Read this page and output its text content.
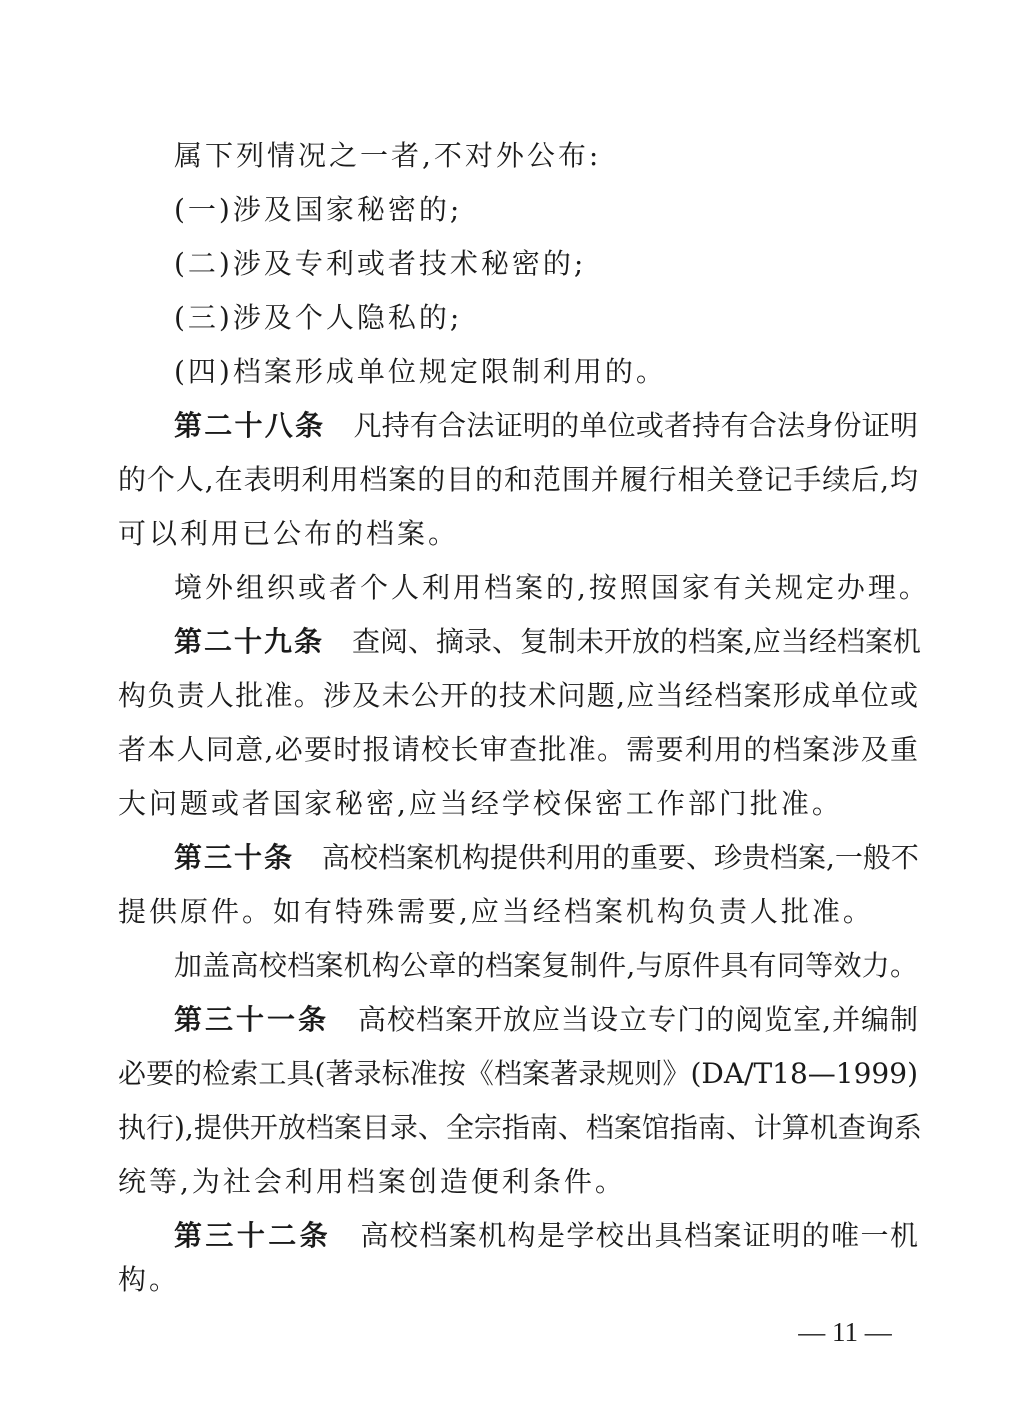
属下列情况之一者,不对外公布:
(一)涉及国家秘密的;
(二)涉及专利或者技术秘密的;
(三)涉及个人隐私的;
(四)档案形成单位规定限制利用的。
第二十八条 凡持有合法证明的单位或者持有合法身份证明
的个人,在表明利用档案的目的和范围并履行相关登记手续后,均
可以利用已公布的档案。
境外组织或者个人利用档案的,按照国家有关规定办理。
第二十九条 查阅、摘录、复制未开放的档案,应当经档案机
构负责人批准。涉及未公开的技术问题,应当经档案形成单位或
者本人同意,必要时报请校长审查批准。需要利用的档案涉及重
大问题或者国家秘密,应当经学校保密工作部门批准。
第三十条 高校档案机构提供利用的重要、珍贵档案,一般不
提供原件。如有特殊需要,应当经档案机构负责人批准。
加盖高校档案机构公章的档案复制件,与原件具有同等效力。
第三十一条 高校档案开放应当设立专门的阅览室,并编制
必要的检索工具(著录标准按《档案著录规则》(DA/T18—1999)
执行),提供开放档案目录、全宗指南、档案馆指南、计算机查询系
统等,为社会利用档案创造便利条件。
第三十二条 高校档案机构是学校出具档案证明的唯一机
构。
— 11 —
